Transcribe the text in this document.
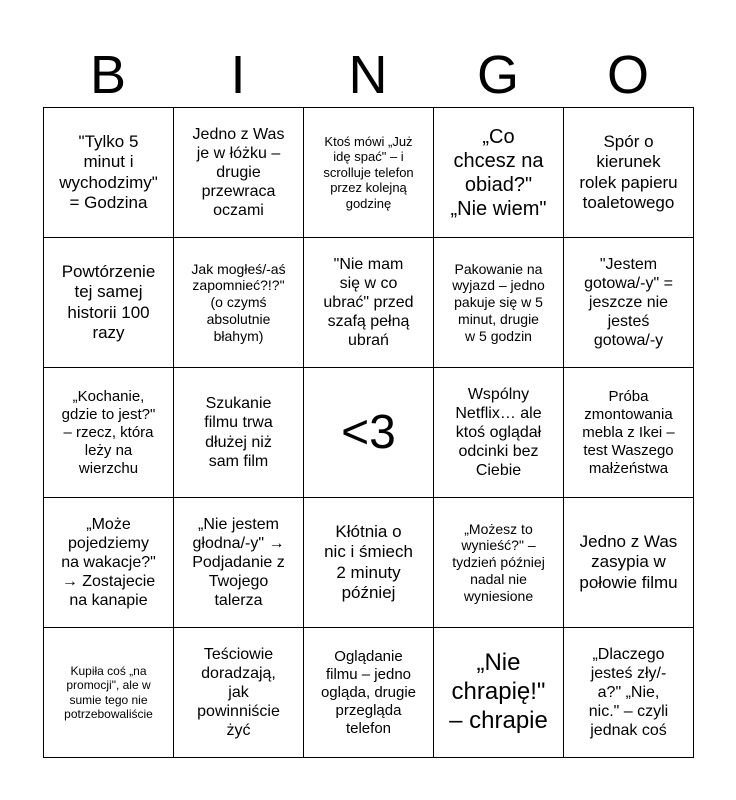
B	I	N	G	O
"Tylko 5
minut i
wychodzimy"
= Godzina
Jedno z Was
je w łóżku –
drugie
przewraca
oczami
Ktoś mówi „Już
idę spać" – i
scrolluje telefon
przez kolejną
godzinę
„Co
chcesz na
obiad?"
„Nie wiem"
Spór o
kierunek
rolek papieru
toaletowego
Powtórzenie
tej samej
historii 100
razy
Jak mogłeś/-aś
zapomnieć?!?"
(o czymś
absolutnie
błahym)
"Nie mam
się w co
ubrać" przed
szafą pełną
ubrań
Pakowanie na
wyjazd – jedno
pakuje się w 5
minut, drugie
w 5 godzin
"Jestem
gotowa/-y" =
jeszcze nie
jesteś
gotowa/-y
„Kochanie,
gdzie to jest?"
– rzecz, która
leży na
wierzchu
Szukanie
filmu trwa
dłużej niż
sam film
<3
Wspólny
Netflix… ale
ktoś oglądał
odcinki bez
Ciebie
Próba
zmontowania
mebla z Ikei –
test Waszego
małżeństwa
„Może
pojedziemy
na wakacje?"
→ Zostajecie
na kanapie
„Nie jestem
głodna/-y" →
Podjadanie z
Twojego
talerza
Kłótnia o
nic i śmiech
2 minuty
później
„Możesz to
wynieść?" –
tydzień później
nadal nie
wyniesione
Jedno z Was
zasypia w
połowie filmu
Kupiła coś „na
promocji", ale w
sumie tego nie
potrzebowaliście
Teściowie
doradzają,
jak
powinniście
żyć
Oglądanie
filmu – jedno
ogląda, drugie
przegląda
telefon
„Nie
chrapię!"
– chrapie
„Dlaczego
jesteś zły/-
a?" „Nie,
nic." – czyli
jednak coś
